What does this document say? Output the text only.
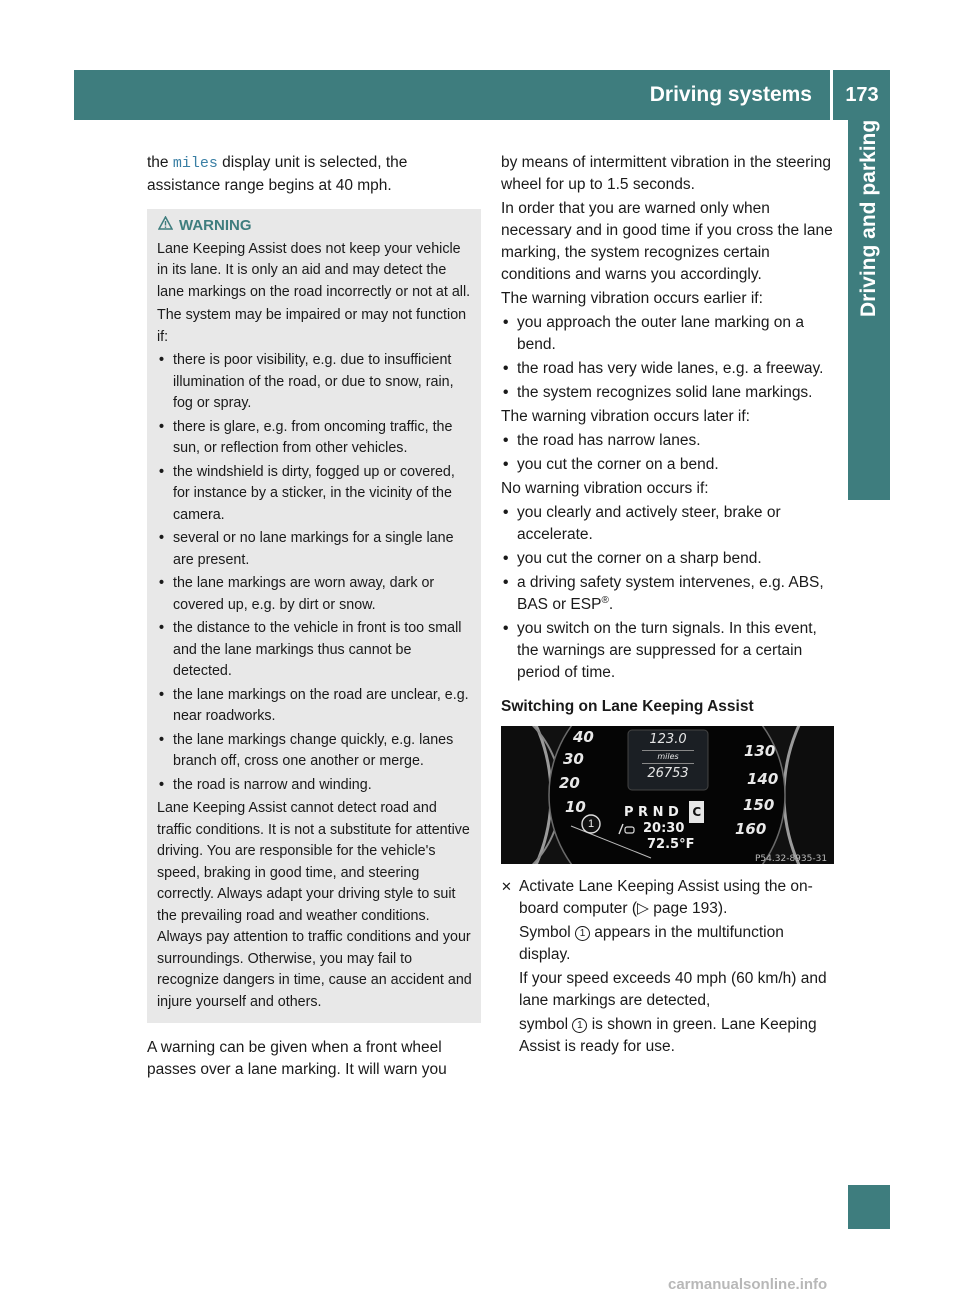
Driving systems	173
Driving and parking

the miles display unit is selected, the assistance range begins at 40 mph.

WARNING

Lane Keeping Assist does not keep your vehicle in its lane. It is only an aid and may detect the lane markings on the road incorrectly or not at all.

The system may be impaired or may not function if:

• there is poor visibility, e.g. due to insufficient illumination of the road, or due to snow, rain, fog or spray.
• there is glare, e.g. from oncoming traffic, the sun, or reflection from other vehicles.
• the windshield is dirty, fogged up or covered, for instance by a sticker, in the vicinity of the camera.
• several or no lane markings for a single lane are present.
• the lane markings are worn away, dark or covered up, e.g. by dirt or snow.
• the distance to the vehicle in front is too small and the lane markings thus cannot be detected.
• the lane markings on the road are unclear, e.g. near roadworks.
• the lane markings change quickly, e.g. lanes branch off, cross one another or merge.
• the road is narrow and winding.

Lane Keeping Assist cannot detect road and traffic conditions. It is not a substitute for attentive driving. You are responsible for the vehicle's speed, braking in good time, and steering correctly. Always adapt your driving style to suit the prevailing road and weather conditions. Always pay attention to traffic conditions and your surroundings. Otherwise, you may fail to recognize dangers in time, cause an accident and injure yourself and others.

A warning can be given when a front wheel passes over a lane marking. It will warn you

by means of intermittent vibration in the steering wheel for up to 1.5 seconds.

In order that you are warned only when necessary and in good time if you cross the lane marking, the system recognizes certain conditions and warns you accordingly.

The warning vibration occurs earlier if:

• you approach the outer lane marking on a bend.
• the road has very wide lanes, e.g. a freeway.
• the system recognizes solid lane markings.

The warning vibration occurs later if:

• the road has narrow lanes.
• you cut the corner on a bend.

No warning vibration occurs if:

• you clearly and actively steer, brake or accelerate.
• you cut the corner on a sharp bend.
• a driving safety system intervenes, e.g. ABS, BAS or ESP®.
• you switch on the turn signals. In this event, the warnings are suppressed for a certain period of time.
Switching on Lane Keeping Assist
40
30
20
10
130
140
150
160
123.0
miles
26753
P R N D C
20:30
72.5°F
1
P54.32-8935-31

✕ Activate Lane Keeping Assist using the on-board computer (▷ page 193).

Symbol 1 appears in the multifunction display.

If your speed exceeds 40 mph (60 km/h) and lane markings are detected,

symbol 1 is shown in green. Lane Keeping Assist is ready for use.

carmanualsonline.info
